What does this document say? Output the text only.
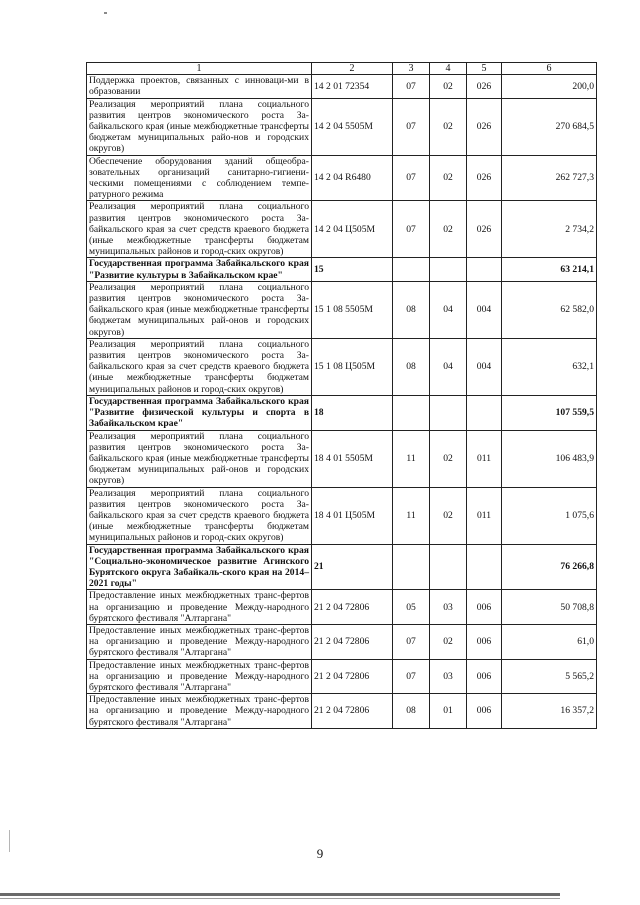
1	2	3	4	5	6
Поддержка проектов, связанных с инноваци-ми в образовании	14 2 01 72354	07	02	026	200,0
Реализация мероприятий плана социального развития центров экономического роста За-байкальского края (иные межбюджетные трансферты бюджетам муниципальных райо-нов и городских округов)	14 2 04 5505М	07	02	026	270 684,5
Обеспечение оборудования зданий общеобра-зовательных организаций санитарно-гигиени-ческими помещениями с соблюдением темпе-ратурного режима	14 2 04 R6480	07	02	026	262 727,3
Реализация мероприятий плана социального развития центров экономического роста За-байкальского края за счет средств краевого бюджета (иные межбюджетные трансферты бюджетам муниципальных районов и город-ских округов)	14 2 04 Ц505М	07	02	026	2 734,2
Государственная программа Забайкальского края "Развитие культуры в Забайкальском крае"	15				63 214,1
Реализация мероприятий плана социального развития центров экономического роста За-байкальского края (иные межбюджетные трансферты бюджетам муниципальных рай-онов и городских округов)	15 1 08 5505М	08	04	004	62 582,0
Реализация мероприятий плана социального развития центров экономического роста За-байкальского края за счет средств краевого бюджета (иные межбюджетные трансферты бюджетам муниципальных районов и город-ских округов)	15 1 08 Ц505М	08	04	004	632,1
Государственная программа Забайкальского края "Развитие физической культуры и спорта в Забайкальском крае"	18				107 559,5
Реализация мероприятий плана социального развития центров экономического роста За-байкальского края (иные межбюджетные трансферты бюджетам муниципальных рай-онов и городских округов)	18 4 01 5505М	11	02	011	106 483,9
Реализация мероприятий плана социального развития центров экономического роста За-байкальского края за счет средств краевого бюджета (иные межбюджетные трансферты бюджетам муниципальных районов и город-ских округов)	18 4 01 Ц505М	11	02	011	1 075,6
Государственная программа Забайкальского края "Социально-экономическое развитие Агинского Бурятского округа Забайкаль-ского края на 2014–2021 годы"	21				76 266,8
Предоставление иных межбюджетных транс-фертов на организацию и проведение Между-народного бурятского фестиваля "Алтаргана"	21 2 04 72806	05	03	006	50 708,8
Предоставление иных межбюджетных транс-фертов на организацию и проведение Между-народного бурятского фестиваля "Алтаргана"	21 2 04 72806	07	02	006	61,0
Предоставление иных межбюджетных транс-фертов на организацию и проведение Между-народного бурятского фестиваля "Алтаргана"	21 2 04 72806	07	03	006	5 565,2
Предоставление иных межбюджетных транс-фертов на организацию и проведение Между-народного бурятского фестиваля "Алтаргана"	21 2 04 72806	08	01	006	16 357,2
9
